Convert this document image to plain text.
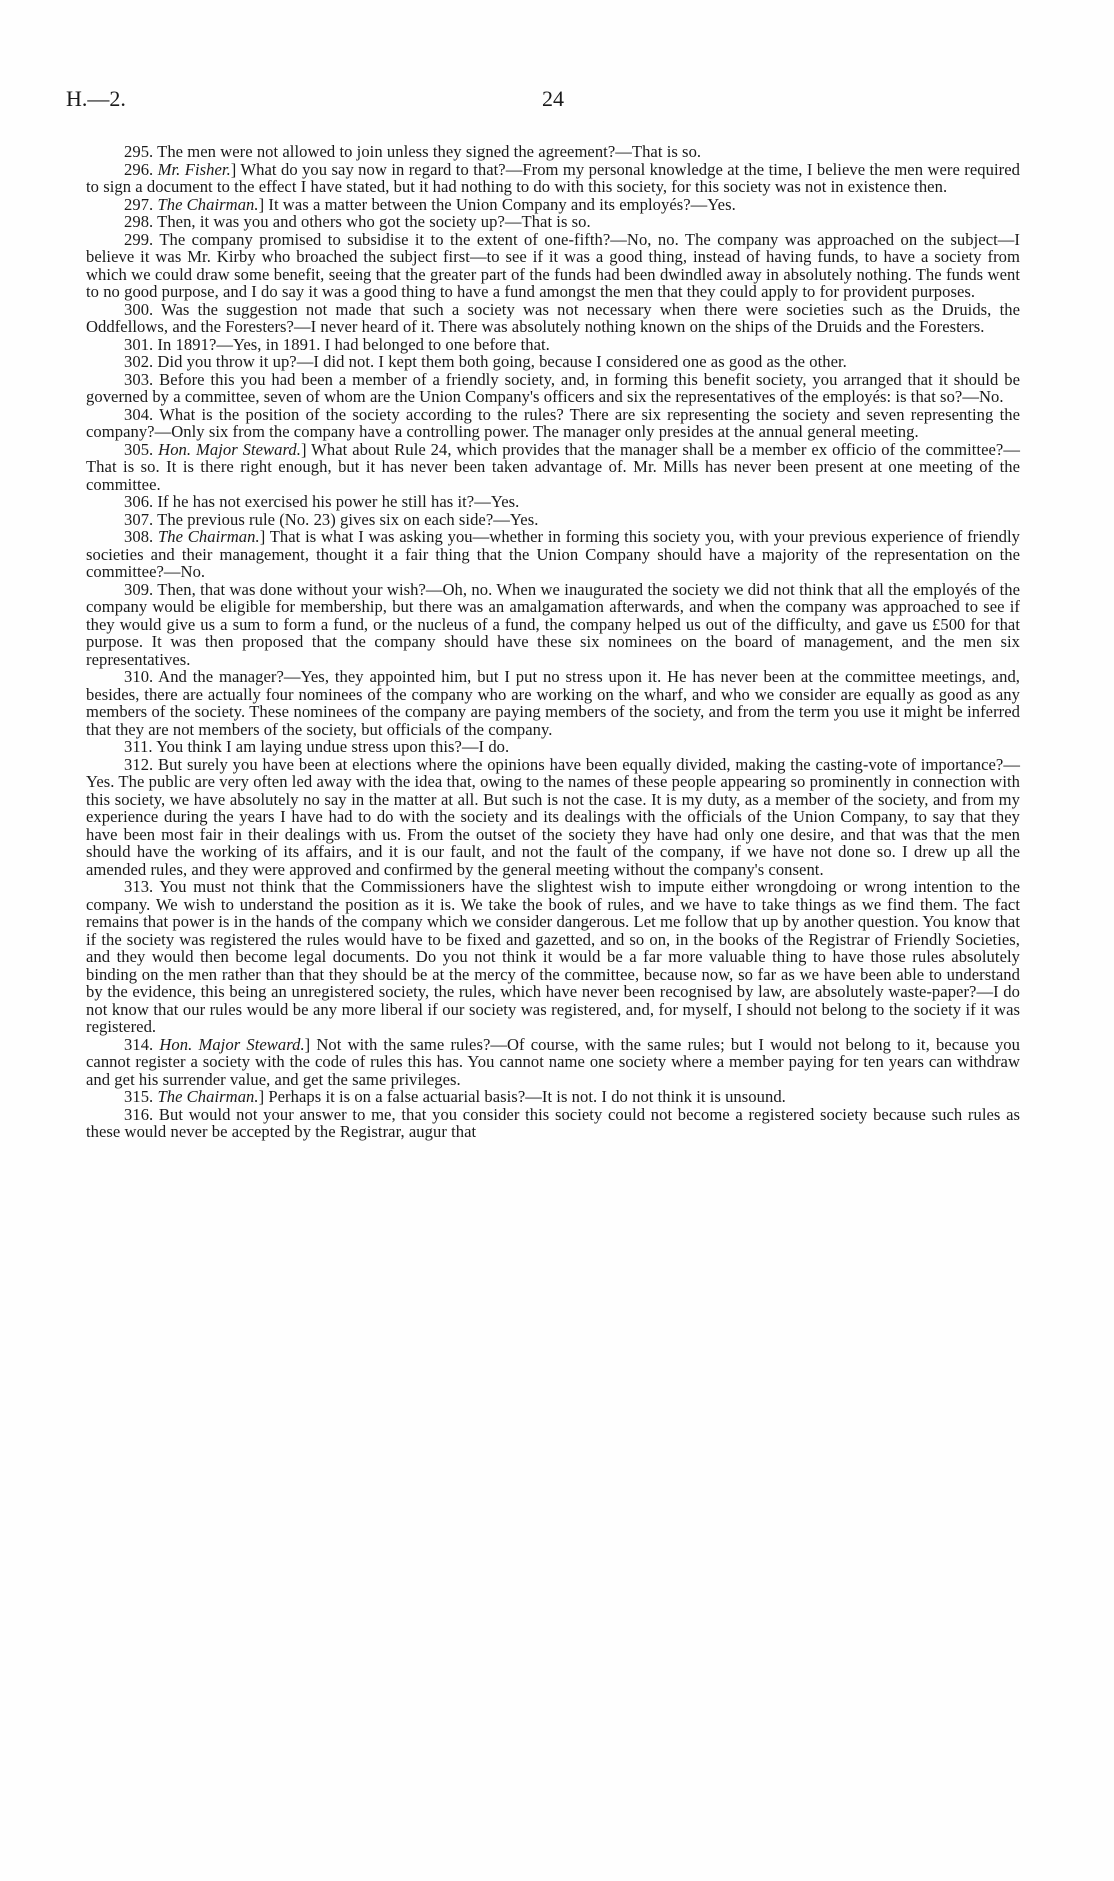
H.—2.	24

295. The men were not allowed to join unless they signed the agreement?—That is so.

296. Mr. Fisher.] What do you say now in regard to that?—From my personal knowledge at the time, I believe the men were required to sign a document to the effect I have stated, but it had nothing to do with this society, for this society was not in existence then.

297. The Chairman.] It was a matter between the Union Company and its employés?—Yes.

298. Then, it was you and others who got the society up?—That is so.

299. The company promised to subsidise it to the extent of one-fifth?—No, no. The company was approached on the subject—I believe it was Mr. Kirby who broached the subject first—to see if it was a good thing, instead of having funds, to have a society from which we could draw some benefit, seeing that the greater part of the funds had been dwindled away in absolutely nothing. The funds went to no good purpose, and I do say it was a good thing to have a fund amongst the men that they could apply to for provident purposes.

300. Was the suggestion not made that such a society was not necessary when there were societies such as the Druids, the Oddfellows, and the Foresters?—I never heard of it. There was absolutely nothing known on the ships of the Druids and the Foresters.

301. In 1891?—Yes, in 1891. I had belonged to one before that.

302. Did you throw it up?—I did not. I kept them both going, because I considered one as good as the other.

303. Before this you had been a member of a friendly society, and, in forming this benefit society, you arranged that it should be governed by a committee, seven of whom are the Union Company's officers and six the representatives of the employés: is that so?—No.

304. What is the position of the society according to the rules? There are six representing the society and seven representing the company?—Only six from the company have a controlling power. The manager only presides at the annual general meeting.

305. Hon. Major Steward.] What about Rule 24, which provides that the manager shall be a member ex officio of the committee?—That is so. It is there right enough, but it has never been taken advantage of. Mr. Mills has never been present at one meeting of the committee.

306. If he has not exercised his power he still has it?—Yes.

307. The previous rule (No. 23) gives six on each side?—Yes.

308. The Chairman.] That is what I was asking you—whether in forming this society you, with your previous experience of friendly societies and their management, thought it a fair thing that the Union Company should have a majority of the representation on the committee?—No.

309. Then, that was done without your wish?—Oh, no. When we inaugurated the society we did not think that all the employés of the company would be eligible for membership, but there was an amalgamation afterwards, and when the company was approached to see if they would give us a sum to form a fund, or the nucleus of a fund, the company helped us out of the difficulty, and gave us £500 for that purpose. It was then proposed that the company should have these six nominees on the board of management, and the men six representatives.

310. And the manager?—Yes, they appointed him, but I put no stress upon it. He has never been at the committee meetings, and, besides, there are actually four nominees of the company who are working on the wharf, and who we consider are equally as good as any members of the society. These nominees of the company are paying members of the society, and from the term you use it might be inferred that they are not members of the society, but officials of the company.

311. You think I am laying undue stress upon this?—I do.

312. But surely you have been at elections where the opinions have been equally divided, making the casting-vote of importance?—Yes. The public are very often led away with the idea that, owing to the names of these people appearing so prominently in connection with this society, we have absolutely no say in the matter at all. But such is not the case. It is my duty, as a member of the society, and from my experience during the years I have had to do with the society and its dealings with the officials of the Union Company, to say that they have been most fair in their dealings with us. From the outset of the society they have had only one desire, and that was that the men should have the working of its affairs, and it is our fault, and not the fault of the company, if we have not done so. I drew up all the amended rules, and they were approved and confirmed by the general meeting without the company's consent.

313. You must not think that the Commissioners have the slightest wish to impute either wrongdoing or wrong intention to the company. We wish to understand the position as it is. We take the book of rules, and we have to take things as we find them. The fact remains that power is in the hands of the company which we consider dangerous. Let me follow that up by another question. You know that if the society was registered the rules would have to be fixed and gazetted, and so on, in the books of the Registrar of Friendly Societies, and they would then become legal documents. Do you not think it would be a far more valuable thing to have those rules absolutely binding on the men rather than that they should be at the mercy of the committee, because now, so far as we have been able to understand by the evidence, this being an unregistered society, the rules, which have never been recognised by law, are absolutely waste-paper?—I do not know that our rules would be any more liberal if our society was registered, and, for myself, I should not belong to the society if it was registered.

314. Hon. Major Steward.] Not with the same rules?—Of course, with the same rules; but I would not belong to it, because you cannot register a society with the code of rules this has. You cannot name one society where a member paying for ten years can withdraw and get his surrender value, and get the same privileges.

315. The Chairman.] Perhaps it is on a false actuarial basis?—It is not. I do not think it is unsound.

316. But would not your answer to me, that you consider this society could not become a registered society because such rules as these would never be accepted by the Registrar, augur that
